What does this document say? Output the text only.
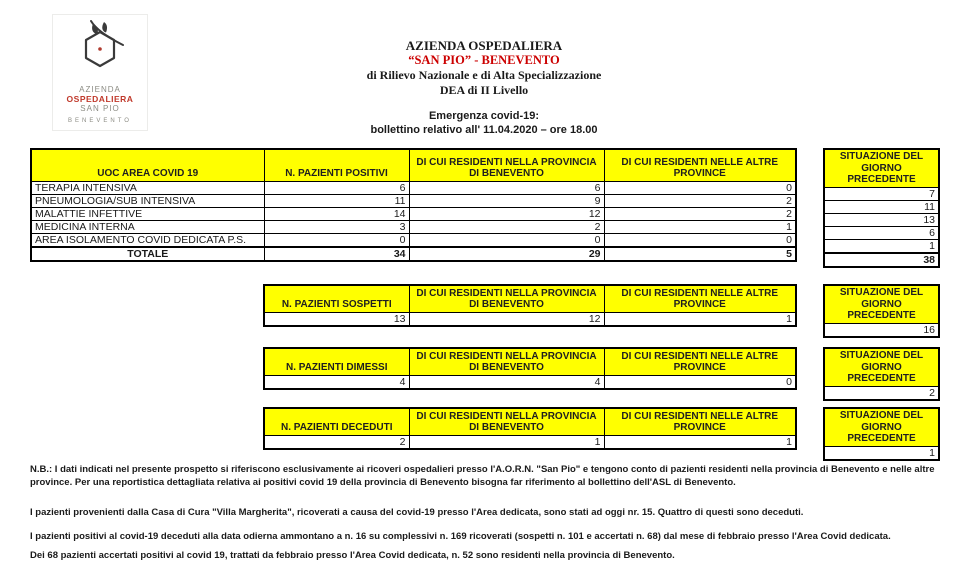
AZIENDA
OSPEDALIERA
SAN PIO
BENEVENTO
AZIENDA OSPEDALIERA
“SAN PIO” - BENEVENTO
di Rilievo Nazionale e di Alta Specializzazione
DEA di II Livello
Emergenza covid-19:
bollettino relativo all' 11.04.2020 – ore 18.00
UOC AREA COVID 19	N. PAZIENTI POSITIVI	DI CUI RESIDENTI NELLA PROVINCIA DI BENEVENTO	DI CUI RESIDENTI NELLE ALTRE PROVINCE
TERAPIA INTENSIVA	6	6	0
PNEUMOLOGIA/SUB INTENSIVA	11	9	2
MALATTIE INFETTIVE	14	12	2
MEDICINA INTERNA	3	2	1
AREA ISOLAMENTO COVID DEDICATA P.S.	0	0	0
TOTALE	34	29	5
SITUAZIONE DEL GIORNO PRECEDENTE
7
11
13
6
1
38
N. PAZIENTI SOSPETTI	DI CUI RESIDENTI NELLA PROVINCIA DI BENEVENTO	DI CUI RESIDENTI NELLE ALTRE PROVINCE
13	12	1
SITUAZIONE DEL GIORNO PRECEDENTE
16
N. PAZIENTI DIMESSI	DI CUI RESIDENTI NELLA PROVINCIA DI BENEVENTO	DI CUI RESIDENTI NELLE ALTRE PROVINCE
4	4	0
SITUAZIONE DEL GIORNO PRECEDENTE
2
N. PAZIENTI DECEDUTI	DI CUI RESIDENTI NELLA PROVINCIA DI BENEVENTO	DI CUI RESIDENTI NELLE ALTRE PROVINCE
2	1	1
SITUAZIONE DEL GIORNO PRECEDENTE
1
N.B.: I dati indicati nel presente prospetto si riferiscono esclusivamente ai ricoveri ospedalieri presso l'A.O.R.N. "San Pio" e tengono conto di pazienti residenti nella provincia di Benevento e nelle altre province. Per una reportistica dettagliata relativa ai positivi covid 19 della provincia di Benevento bisogna far riferimento al bollettino dell'ASL di Benevento.
I pazienti provenienti dalla Casa di Cura "Villa Margherita", ricoverati a causa del covid-19 presso l'Area dedicata, sono stati ad oggi nr. 15. Quattro di questi sono deceduti.
I pazienti positivi al covid-19 deceduti alla data odierna ammontano a n. 16 su complessivi n. 169 ricoverati (sospetti n. 101 e accertati n. 68) dal mese di febbraio presso l'Area Covid dedicata.
Dei 68 pazienti accertati positivi al covid 19, trattati da febbraio presso l'Area Covid dedicata, n. 52 sono residenti nella provincia di Benevento.
